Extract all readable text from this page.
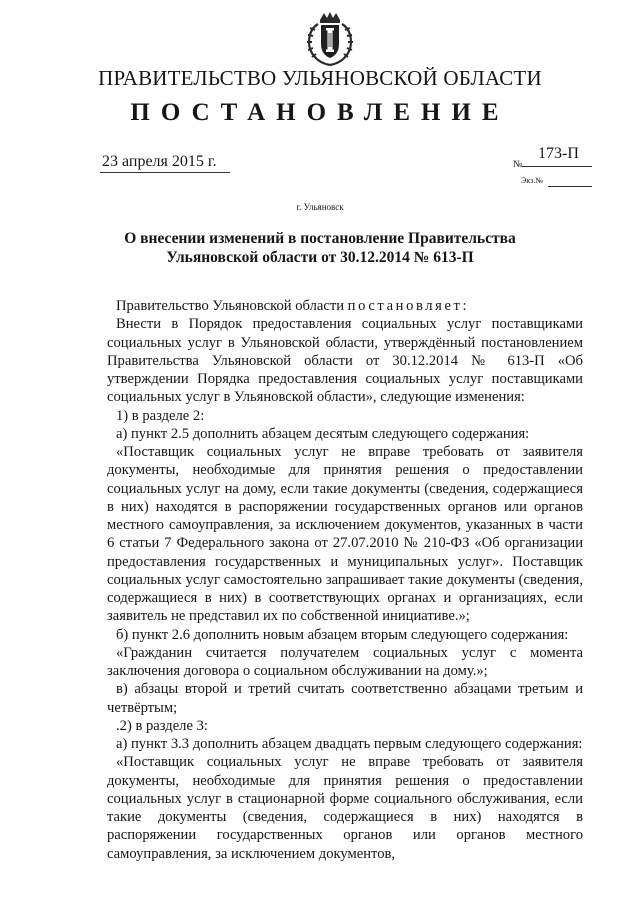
ПРАВИТЕЛЬСТВО УЛЬЯНОВСКОЙ ОБЛАСТИ
ПОСТАНОВЛЕНИЕ
23 апреля 2015 г.	№
173-П
Экз.№
г. Ульяновск
О внесении изменений в постановление Правительства
Ульяновской области от 30.12.2014 № 613-П

Правительство Ульяновской области постановляет:

Внести в Порядок предоставления социальных услуг поставщиками социальных услуг в Ульяновской области, утверждённый постановлением Правительства Ульяновской области от 30.12.2014 № 613-П «Об утверждении Порядка предоставления социальных услуг поставщиками социальных услуг в Ульяновской области», следующие изменения:

1) в разделе 2:

а) пункт 2.5 дополнить абзацем десятым следующего содержания:

«Поставщик социальных услуг не вправе требовать от заявителя документы, необходимые для принятия решения о предоставлении социальных услуг на дому, если такие документы (сведения, содержащиеся в них) находятся в распоряжении государственных органов или органов местного самоуправления, за исключением документов, указанных в части 6 статьи 7 Федерального закона от 27.07.2010 № 210-ФЗ «Об организации предоставления государственных и муниципальных услуг». Поставщик социальных услуг самостоятельно запрашивает такие документы (сведения, содержащиеся в них) в соответствующих органах и организациях, если заявитель не представил их по собственной инициативе.»;

б) пункт 2.6 дополнить новым абзацем вторым следующего содержания:

«Гражданин считается получателем социальных услуг с момента заключения договора о социальном обслуживании на дому.»;

в) абзацы второй и третий считать соответственно абзацами третьим и четвёртым;

.2) в разделе 3:

а) пункт 3.3 дополнить абзацем двадцать первым следующего содержания:

«Поставщик социальных услуг не вправе требовать от заявителя документы, необходимые для принятия решения о предоставлении социальных услуг в стационарной форме социального обслуживания, если такие документы (сведения, содержащиеся в них) находятся в распоряжении государственных органов или органов местного самоуправления, за исключением документов,
